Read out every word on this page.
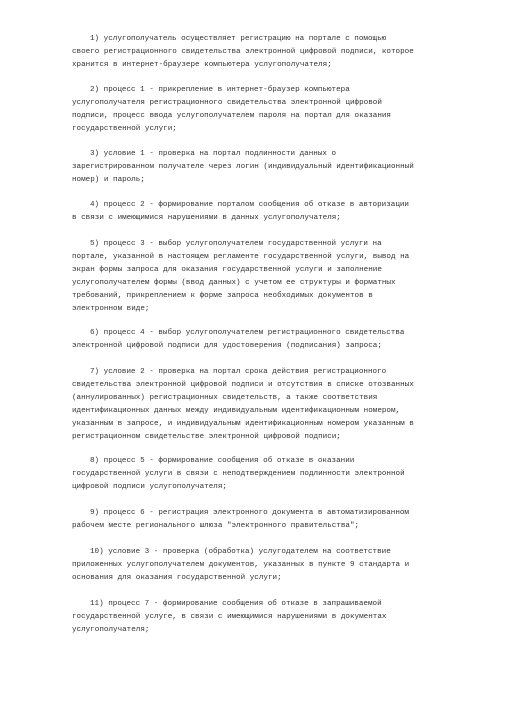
1) услугополучатель осуществляет регистрацию на портале с помощью
своего регистрационного свидетельства электронной цифровой подписи, которое
хранится в интернет-браузере компьютера услугополучателя;

2) процесс 1 - прикрепление в интернет-браузер компьютера
услугополучателя регистрационного свидетельства электронной цифровой
подписи, процесс ввода услугополучателем пароля на портал для оказания
государственной услуги;

3) условие 1 - проверка на портал подлинности данных о
зарегистрированном получателе через логин (индивидуальный идентификационный
номер) и пароль;

4) процесс 2 - формирование порталом сообщения об отказе в авторизации
в связи с имеющимися нарушениями в данных услугополучателя;

5) процесс 3 - выбор услугополучателем государственной услуги на
портале, указанной в настоящем регламенте государственной услуги, вывод на
экран формы запроса для оказания государственной услуги и заполнение
услугополучателем формы (ввод данных) с учетом ее структуры и форматных
требований, прикреплением к форме запроса необходимых документов в
электронном виде;

6) процесс 4 - выбор услугополучателем регистрационного свидетельства
электронной цифровой подписи для удостоверения (подписания) запроса;

7) условие 2 - проверка на портал срока действия регистрационного
свидетельства электронной цифровой подписи и отсутствия в списке отозванных
(аннулированных) регистрационных свидетельств, а также соответствия
идентификационных данных между индивидуальным идентификационным номером,
указанным в запросе, и индивидуальным идентификационным номером указанным в
регистрационном свидетельстве электронной цифровой подписи;

8) процесс 5 - формирование сообщения об отказе в оказании
государственной услуги в связи с неподтверждением подлинности электронной
цифровой подписи услугополучателя;

9) процесс 6 - регистрация электронного документа в автоматизированном
рабочем месте регионального шлюза "электронного правительства";

10) условие 3 - проверка (обработка) услугодателем на соответствие
приложенных услугополучателем документов, указанных в пункте 9 стандарта и
основания для оказания государственной услуги;

11) процесс 7 - формирование сообщения об отказе в запрашиваемой
государственной услуге, в связи с имеющимися нарушениями в документах
услугополучателя;
